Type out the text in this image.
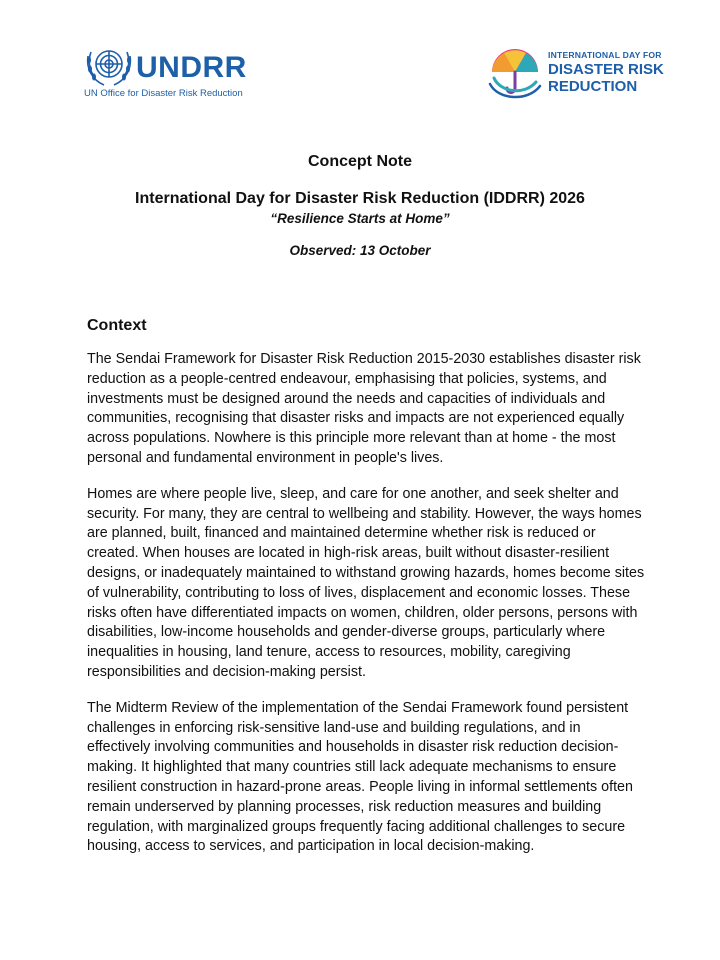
UNDRR
UN Office for Disaster Risk Reduction
INTERNATIONAL DAY FOR
DISASTER RISK
REDUCTION

Concept Note

International Day for Disaster Risk Reduction (IDDRR) 2026

“Resilience Starts at Home”

Observed: 13 October

Context

The Sendai Framework for Disaster Risk Reduction 2015-2030 establishes disaster risk reduction as a people-centred endeavour, emphasising that policies, systems, and investments must be designed around the needs and capacities of individuals and communities, recognising that disaster risks and impacts are not experienced equally across populations. Nowhere is this principle more relevant than at home - the most personal and fundamental environment in people's lives.

Homes are where people live, sleep, and care for one another, and seek shelter and security. For many, they are central to wellbeing and stability. However, the ways homes are planned, built, financed and maintained determine whether risk is reduced or created. When houses are located in high-risk areas, built without disaster-resilient designs, or inadequately maintained to withstand growing hazards, homes become sites of vulnerability, contributing to loss of lives, displacement and economic losses. These risks often have differentiated impacts on women, children, older persons, persons with disabilities, low-income households and gender-diverse groups, particularly where inequalities in housing, land tenure, access to resources, mobility, caregiving responsibilities and decision-making persist.

The Midterm Review of the implementation of the Sendai Framework found persistent challenges in enforcing risk-sensitive land-use and building regulations, and in effectively involving communities and households in disaster risk reduction decision-making. It highlighted that many countries still lack adequate mechanisms to ensure resilient construction in hazard-prone areas. People living in informal settlements often remain underserved by planning processes, risk reduction measures and building regulation, with marginalized groups frequently facing additional challenges to secure housing, access to services, and participation in local decision-making.
